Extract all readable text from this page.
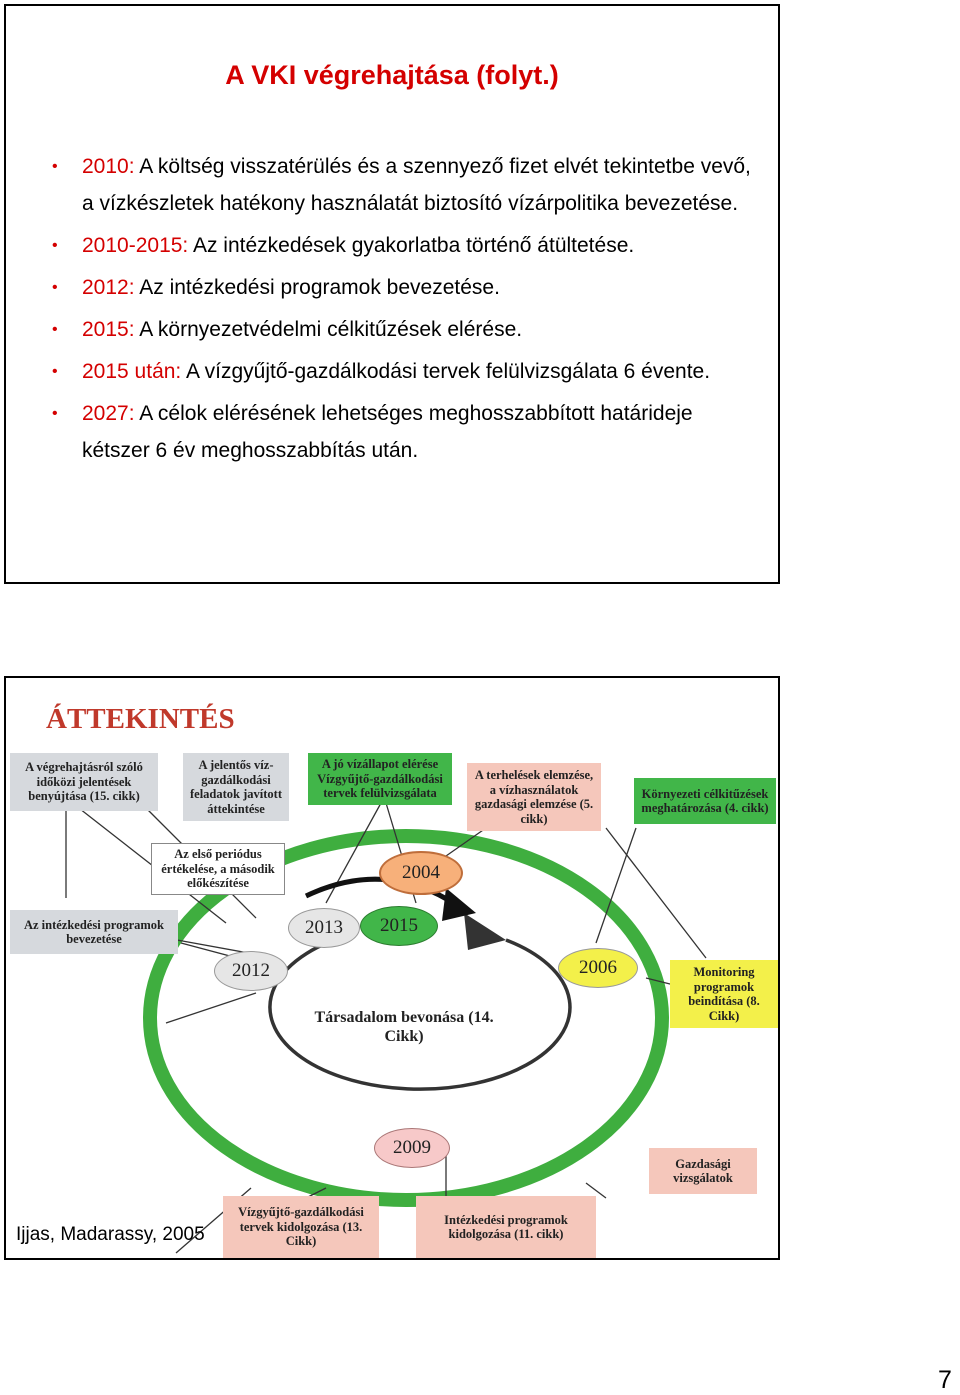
A VKI végrehajtása (folyt.)
• 2010: A költség visszatérülés és a szennyező fizet elvét tekintetbe vevő, a vízkészletek hatékony használatát biztosító vízárpolitika bevezetése.
• 2010-2015: Az intézkedések gyakorlatba történő átültetése.
• 2012: Az intézkedési programok bevezetése.
• 2015: A környezetvédelmi célkitűzések elérése.
• 2015 után: A vízgyűjtő-gazdálkodási tervek felülvizsgálata 6 évente.
• 2027: A célok elérésének lehetséges meghosszabbított határideje kétszer 6 év meghosszabbítás után.
ÁTTEKINTÉS
A végrehajtásról szóló időközi jelentések benyújtása (15. cikk)
A jelentős víz-gazdálkodási feladatok javított áttekintése
A jó vízállapot elérése Vízgyűjtő-gazdálkodási tervek felülvizsgálata
A terhelések elemzése, a vízhasználatok gazdasági elemzése (5. cikk)
Környezeti célkitűzések meghatározása (4. cikk)
Az első periódus értékelése, a második előkészítése
Az intézkedési programok bevezetése
Monitoring programok beindítása (8. Cikk)
Gazdasági vizsgálatok
Vízgyűjtő-gazdálkodási tervek kidolgozása (13. Cikk)
Intézkedési programok kidolgozása (11. cikk)
2004
2013	2015
2012	2006
2009
Társadalom bevonása (14. Cikk)
Ijjas, Madarassy, 2005
7
